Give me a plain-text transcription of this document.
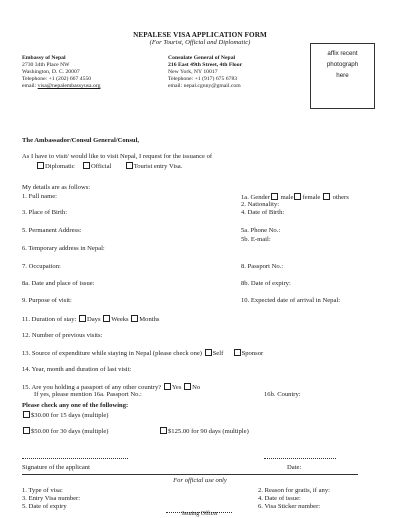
NEPALESE VISA APPLICATION FORM
(For Tourist, Official and Diplomatic)
affix recent
photograph
here
Embassy of Nepal
2730 34th Place NW
Washington, D. C. 20007
Telephone: +1 (202) 667 4550
email: visa@nepalembassyusa.org
Consulate General of Nepal
216 East 49th Street, 4th Floor
New York, NY 10017
Telephone: +1 (917) 675 6783
email: nepal.cgnny@gmail.com
The Ambassador/Consul General/Consul,
As I have to visit/ would like to visit Nepal, I request for the issuance of
Diplomatic Official	Tourist entry Visa.
My details are as follows:
1. Full name:	1a. Gender male female others
2. Nationality:
3. Place of Birth:	4. Date of Birth:
5. Permanent Address:	5a. Phone No.:
5b. E-mail:
6. Temporary address in Nepal:
7. Occupation:	8. Passport No.:
8a. Date and place of issue:	8b. Date of expiry:
9. Purpose of visit:	10. Expected date of arrival in Nepal:
11. Duration of stay: Days Weeks Months
12. Number of previous visits:
13. Source of expenditure while staying in Nepal (please check one) Self	Sponsor
14. Year, month and duration of last visit:
15. Are you holding a passport of any other country? Yes No
If yes, please mention 16a. Passport No.:	16b. Country:
Please check any one of the following:
$30.00 for 15 days (multiple)
$50.00 for 30 days (multiple)	$125.00 for 90 days (multiple)
Signature of the applicant	Date:
For official use only
1. Type of visa:	2. Reason for gratis, if any:
3. Entry Visa number:	4. Date of issue:
5. Date of expiry	6. Visa Sticker number:
Issuing Officer
